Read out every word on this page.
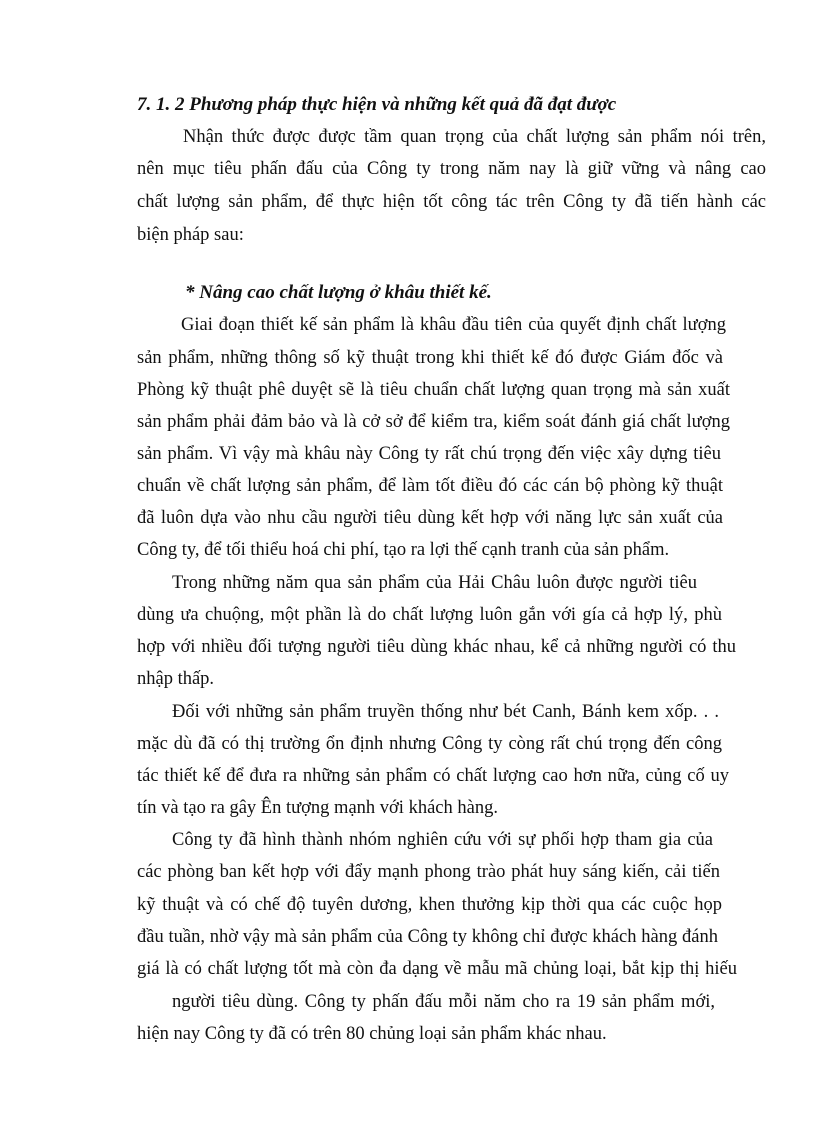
7. 1. 2 Phương pháp thực hiện và những kết quả đã đạt được

Nhận thức được được tầm quan trọng của chất lượng sản phẩm nói trên,

nên mục tiêu phấn đấu của Công ty trong năm nay là giữ vững và nâng cao

chất lượng sản phẩm, để thực hiện tốt công tác trên Công ty đã tiến hành các

biện pháp sau:

* Nâng cao chất lượng ở khâu thiết kế.

Giai đoạn thiết kế sản phẩm là khâu đầu tiên của quyết định chất lượng

sản phẩm, những thông số kỹ thuật trong khi thiết kế đó được Giám đốc và

Phòng kỹ thuật phê duyệt sẽ là tiêu chuẩn chất lượng quan trọng mà sản xuất

sản phẩm phải đảm bảo và là cở sở để kiểm tra, kiểm soát đánh giá chất lượng

sản phẩm. Vì vậy mà khâu này Công ty rất chú trọng đến việc xây dựng tiêu

chuẩn về chất lượng sản phẩm, để làm tốt điều đó các cán bộ phòng kỹ thuật

đã luôn dựa vào nhu cầu người tiêu dùng kết hợp với năng lực sản xuất của

Công ty, để tối thiểu hoá chi phí, tạo ra lợi thế cạnh tranh của sản phẩm.

Trong những năm qua sản phẩm của Hải Châu luôn được người tiêu

dùng ưa chuộng, một phần là do chất lượng luôn gắn với gía cả hợp lý, phù

hợp với nhiều đối tượng người tiêu dùng khác nhau, kể cả những người có thu

nhập thấp.

Đối với những sản phẩm truyền thống như bét Canh, Bánh kem xốp. . .

mặc dù đã có thị trường ổn định nhưng Công ty còng rất chú trọng đến công

tác thiết kế để đưa ra những sản phẩm có chất lượng cao hơn nữa, củng cố uy

tín và tạo ra gây Ên tượng mạnh với khách hàng.

Công ty đã hình thành nhóm nghiên cứu với sự phối hợp tham gia của

các phòng ban kết hợp với đẩy mạnh phong trào phát huy sáng kiến, cải tiến

kỹ thuật và có chế độ tuyên dương, khen thưởng kịp thời qua các cuộc họp

đầu tuần, nhờ vậy mà sản phẩm của Công ty không chỉ được khách hàng đánh

giá là có chất lượng tốt mà còn đa dạng về mẫu mã chủng loại, bắt kịp thị hiếu

người tiêu dùng. Công ty phấn đấu mỗi năm cho ra 19 sản phẩm mới,

hiện nay Công ty đã có trên 80 chủng loại sản phẩm khác nhau.
